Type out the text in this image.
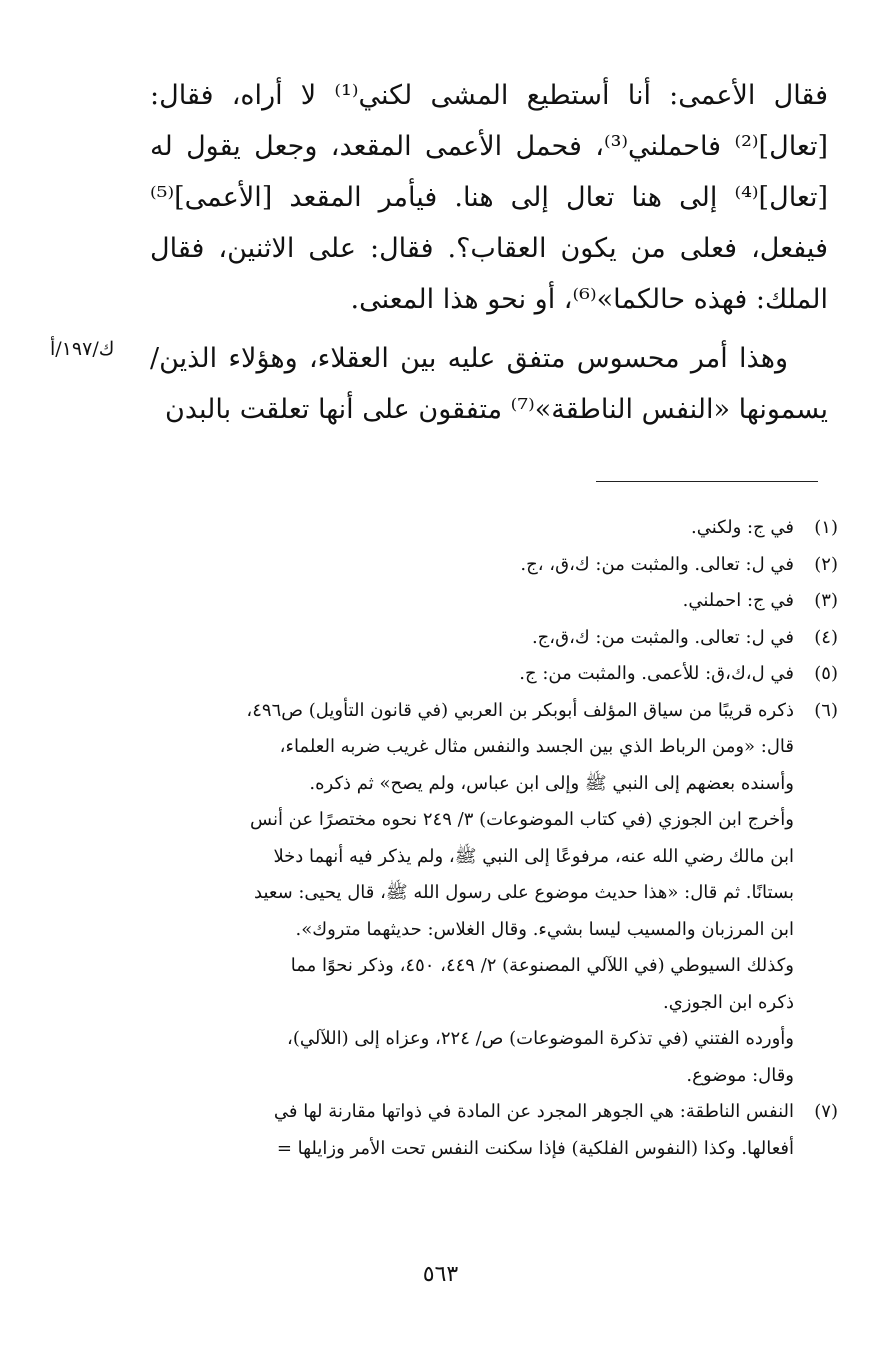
فقال الأعمى: أنا أستطيع المشى لكني⁽¹⁾ لا أراه، فقال: [تعال]⁽²⁾ فاحملني⁽³⁾، فحمل الأعمى المقعد، وجعل يقول له [تعال]⁽⁴⁾ إلى هنا تعال إلى هنا. فيأمر المقعد [الأعمى]⁽⁵⁾ فيفعل، فعلى من يكون العقاب؟. فقال: على الاثنين، فقال الملك: فهذه حالكما»⁽⁶⁾، أو نحو هذا المعنى.

وهذا أمر محسوس متفق عليه بين العقلاء، وهؤلاء الذين/ يسمونها «النفس الناطقة»⁽⁷⁾ متفقون على أنها تعلقت بالبدن

ك/١٩٧/أ
(١)
في ج: ولكني.
(٢)
في ل: تعالى. والمثبت من: ك،ق، ،ج.
(٣)
في ج: احملني.
(٤)
في ل: تعالى. والمثبت من: ك،ق،ج.
(٥)
في ل،ك،ق: للأعمى. والمثبت من: ج.
(٦)
ذكره قريبًا من سياق المؤلف أبوبكر بن العربي (في قانون التأويل) ص٤٩٦،
قال: «ومن الرباط الذي بين الجسد والنفس مثال غريب ضربه العلماء،
وأسنده بعضهم إلى النبي ﷺ وإلى ابن عباس، ولم يصح» ثم ذكره.
وأخرج ابن الجوزي (في كتاب الموضوعات) ٣/ ٢٤٩ نحوه مختصرًا عن أنس
ابن مالك رضي الله عنه، مرفوعًا إلى النبي ﷺ، ولم يذكر فيه أنهما دخلا
بستانًا. ثم قال: «هذا حديث موضوع على رسول الله ﷺ، قال يحيى: سعيد
ابن المرزبان والمسيب ليسا بشيء. وقال الغلاس: حديثهما متروك».
وكذلك السيوطي (في اللآلي المصنوعة) ٢/ ٤٤٩، ٤٥٠، وذكر نحوًا مما
ذكره ابن الجوزي.
وأورده الفتني (في تذكرة الموضوعات) ص/ ٢٢٤، وعزاه إلى (اللآلي)،
وقال: موضوع.
(٧)
النفس الناطقة: هي الجوهر المجرد عن المادة في ذواتها مقارنة لها في
أفعالها. وكذا (النفوس الفلكية) فإذا سكنت النفس تحت الأمر وزايلها =
٥٦٣
